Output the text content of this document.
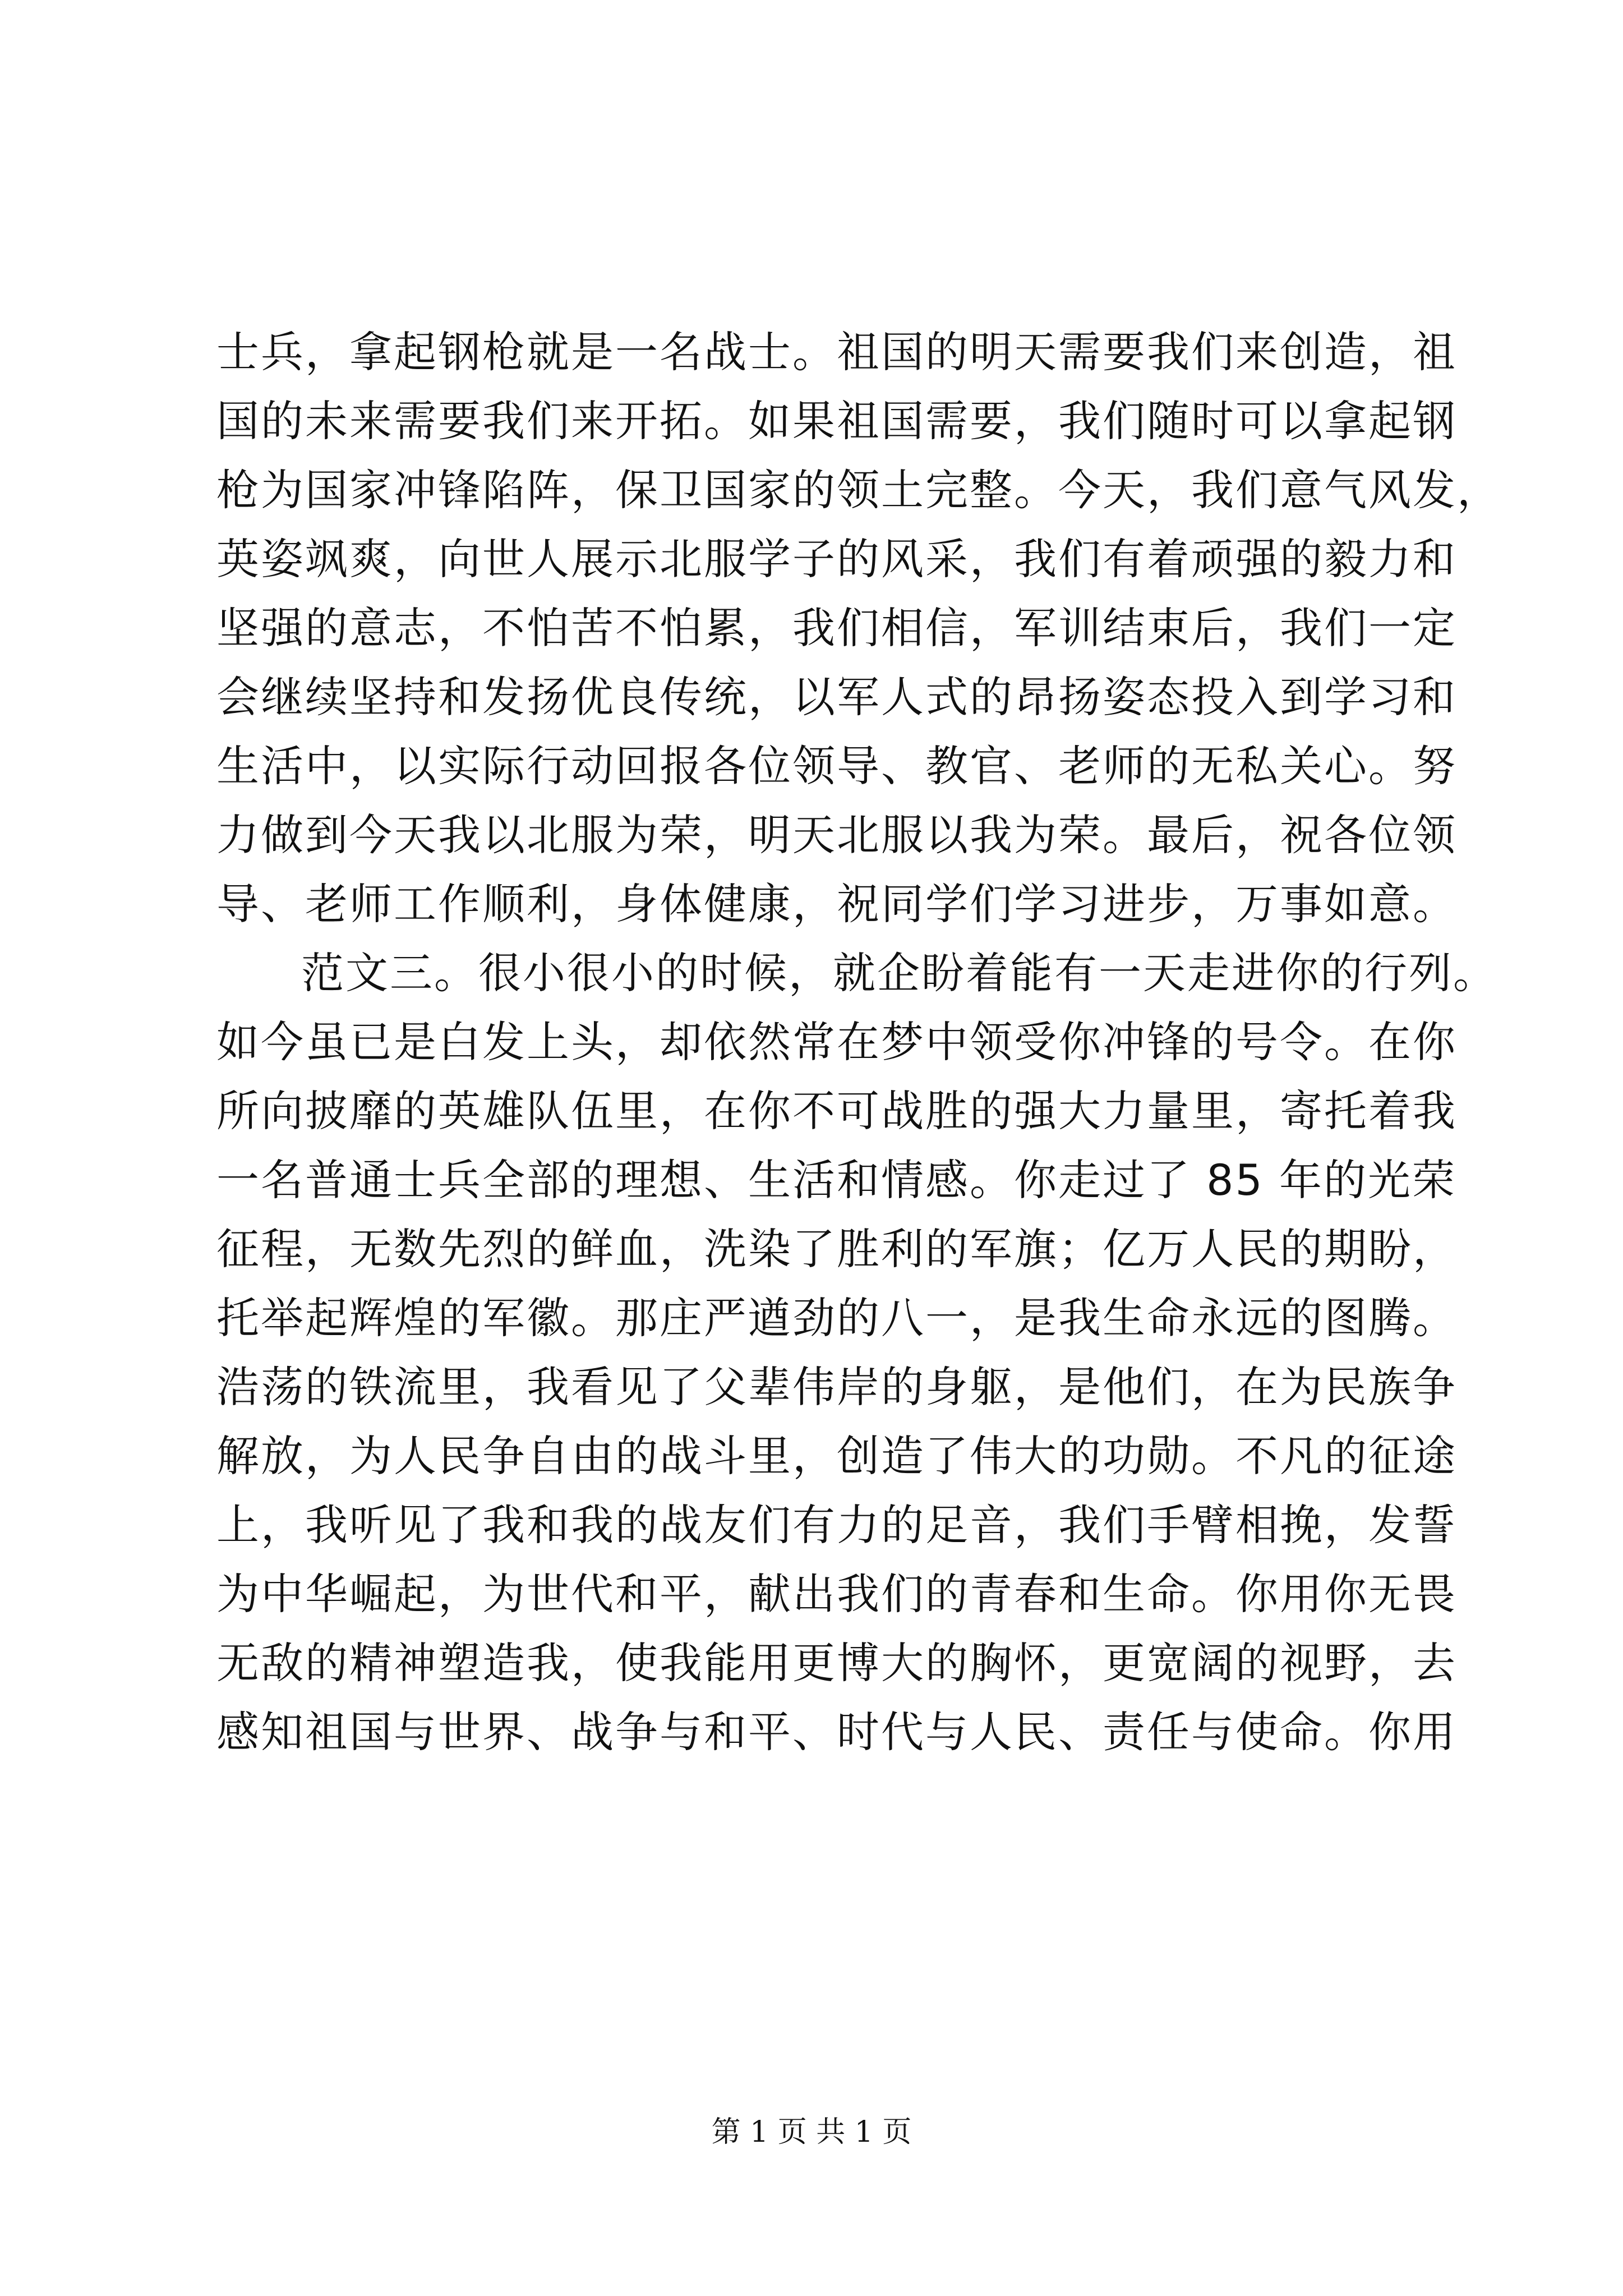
士兵，拿起钢枪就是一名战士。祖国的明天需要我们来创造，祖
国的未来需要我们来开拓。如果祖国需要，我们随时可以拿起钢
枪为国家冲锋陷阵，保卫国家的领土完整。今天，我们意气风发，
英姿飒爽，向世人展示北服学子的风采，我们有着顽强的毅力和
坚强的意志，不怕苦不怕累，我们相信，军训结束后，我们一定
会继续坚持和发扬优良传统，以军人式的昂扬姿态投入到学习和
生活中，以实际行动回报各位领导、教官、老师的无私关心。努
力做到今天我以北服为荣，明天北服以我为荣。最后，祝各位领
导、老师工作顺利，身体健康，祝同学们学习进步，万事如意。
范文三。很小很小的时候，就企盼着能有一天走进你的行列。
如今虽已是白发上头，却依然常在梦中领受你冲锋的号令。在你
所向披靡的英雄队伍里，在你不可战胜的强大力量里，寄托着我
一名普通士兵全部的理想、生活和情感。你走过了 85 年的光荣
征程，无数先烈的鲜血，洗染了胜利的军旗；亿万人民的期盼，
托举起辉煌的军徽。那庄严遒劲的八一，是我生命永远的图腾。
浩荡的铁流里，我看见了父辈伟岸的身躯，是他们，在为民族争
解放，为人民争自由的战斗里，创造了伟大的功勋。不凡的征途
上，我听见了我和我的战友们有力的足音，我们手臂相挽，发誓
为中华崛起，为世代和平，献出我们的青春和生命。你用你无畏
无敌的精神塑造我，使我能用更博大的胸怀，更宽阔的视野，去
感知祖国与世界、战争与和平、时代与人民、责任与使命。你用
第 1 页 共 1 页
